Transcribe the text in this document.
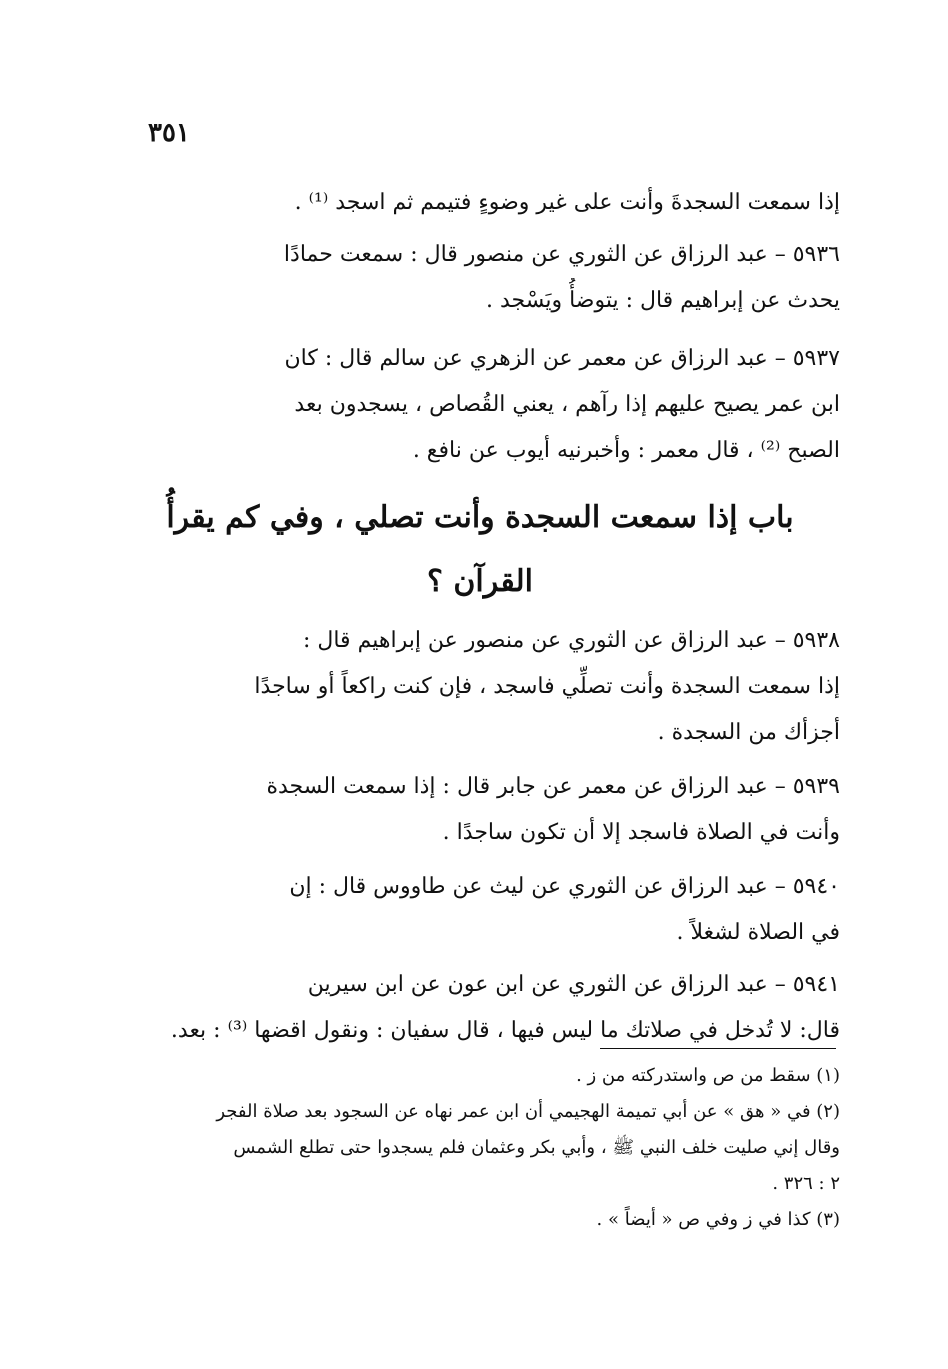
٣٥١
إذا سمعت السجدةَ وأنت على غير وضوءٍ فتيمم ثم اسجد ⁽¹⁾ .
٥٩٣٦ – عبد الرزاق عن الثوري عن منصور قال : سمعت حمادًا
يحدث عن إبراهيم قال : يتوضأُ ويَسْجد .
٥٩٣٧ – عبد الرزاق عن معمر عن الزهري عن سالم قال : كان
ابن عمر يصيح عليهم إذا رآهم ، يعني القُصاص ، يسجدون بعد
الصبح ⁽²⁾ ، قال معمر : وأخبرنيه أيوب عن نافع .
باب إذا سمعت السجدة وأنت تصلي ، وفي كم يقرأُ
القرآن ؟
٥٩٣٨ – عبد الرزاق عن الثوري عن منصور عن إبراهيم قال :
إذا سمعت السجدة وأنت تصلِّي فاسجد ، فإن كنت راكعاً أو ساجدًا
أجزأك من السجدة .
٥٩٣٩ – عبد الرزاق عن معمر عن جابر قال : إذا سمعت السجدة
وأنت في الصلاة فاسجد إلا أن تكون ساجدًا .
٥٩٤٠ – عبد الرزاق عن الثوري عن ليث عن طاووس قال : إن
في الصلاة لشغلاً .
٥٩٤١ – عبد الرزاق عن الثوري عن ابن عون عن ابن سيرين
قال: لا تُدخل في صلاتك ما ليس فيها ، قال سفيان : ونقول اقضها ⁽³⁾ : بعد.
(١) سقط من ص واستدركته من ز .
(٢) في « هق » عن أبي تميمة الهجيمي أن ابن عمر نهاه عن السجود بعد صلاة الفجر
وقال إني صليت خلف النبي ﷺ ، وأبي بكر وعثمان فلم يسجدوا حتى تطلع الشمس
٢ : ٣٢٦ .
(٣) كذا في ز وفي ص « أيضاً » .
